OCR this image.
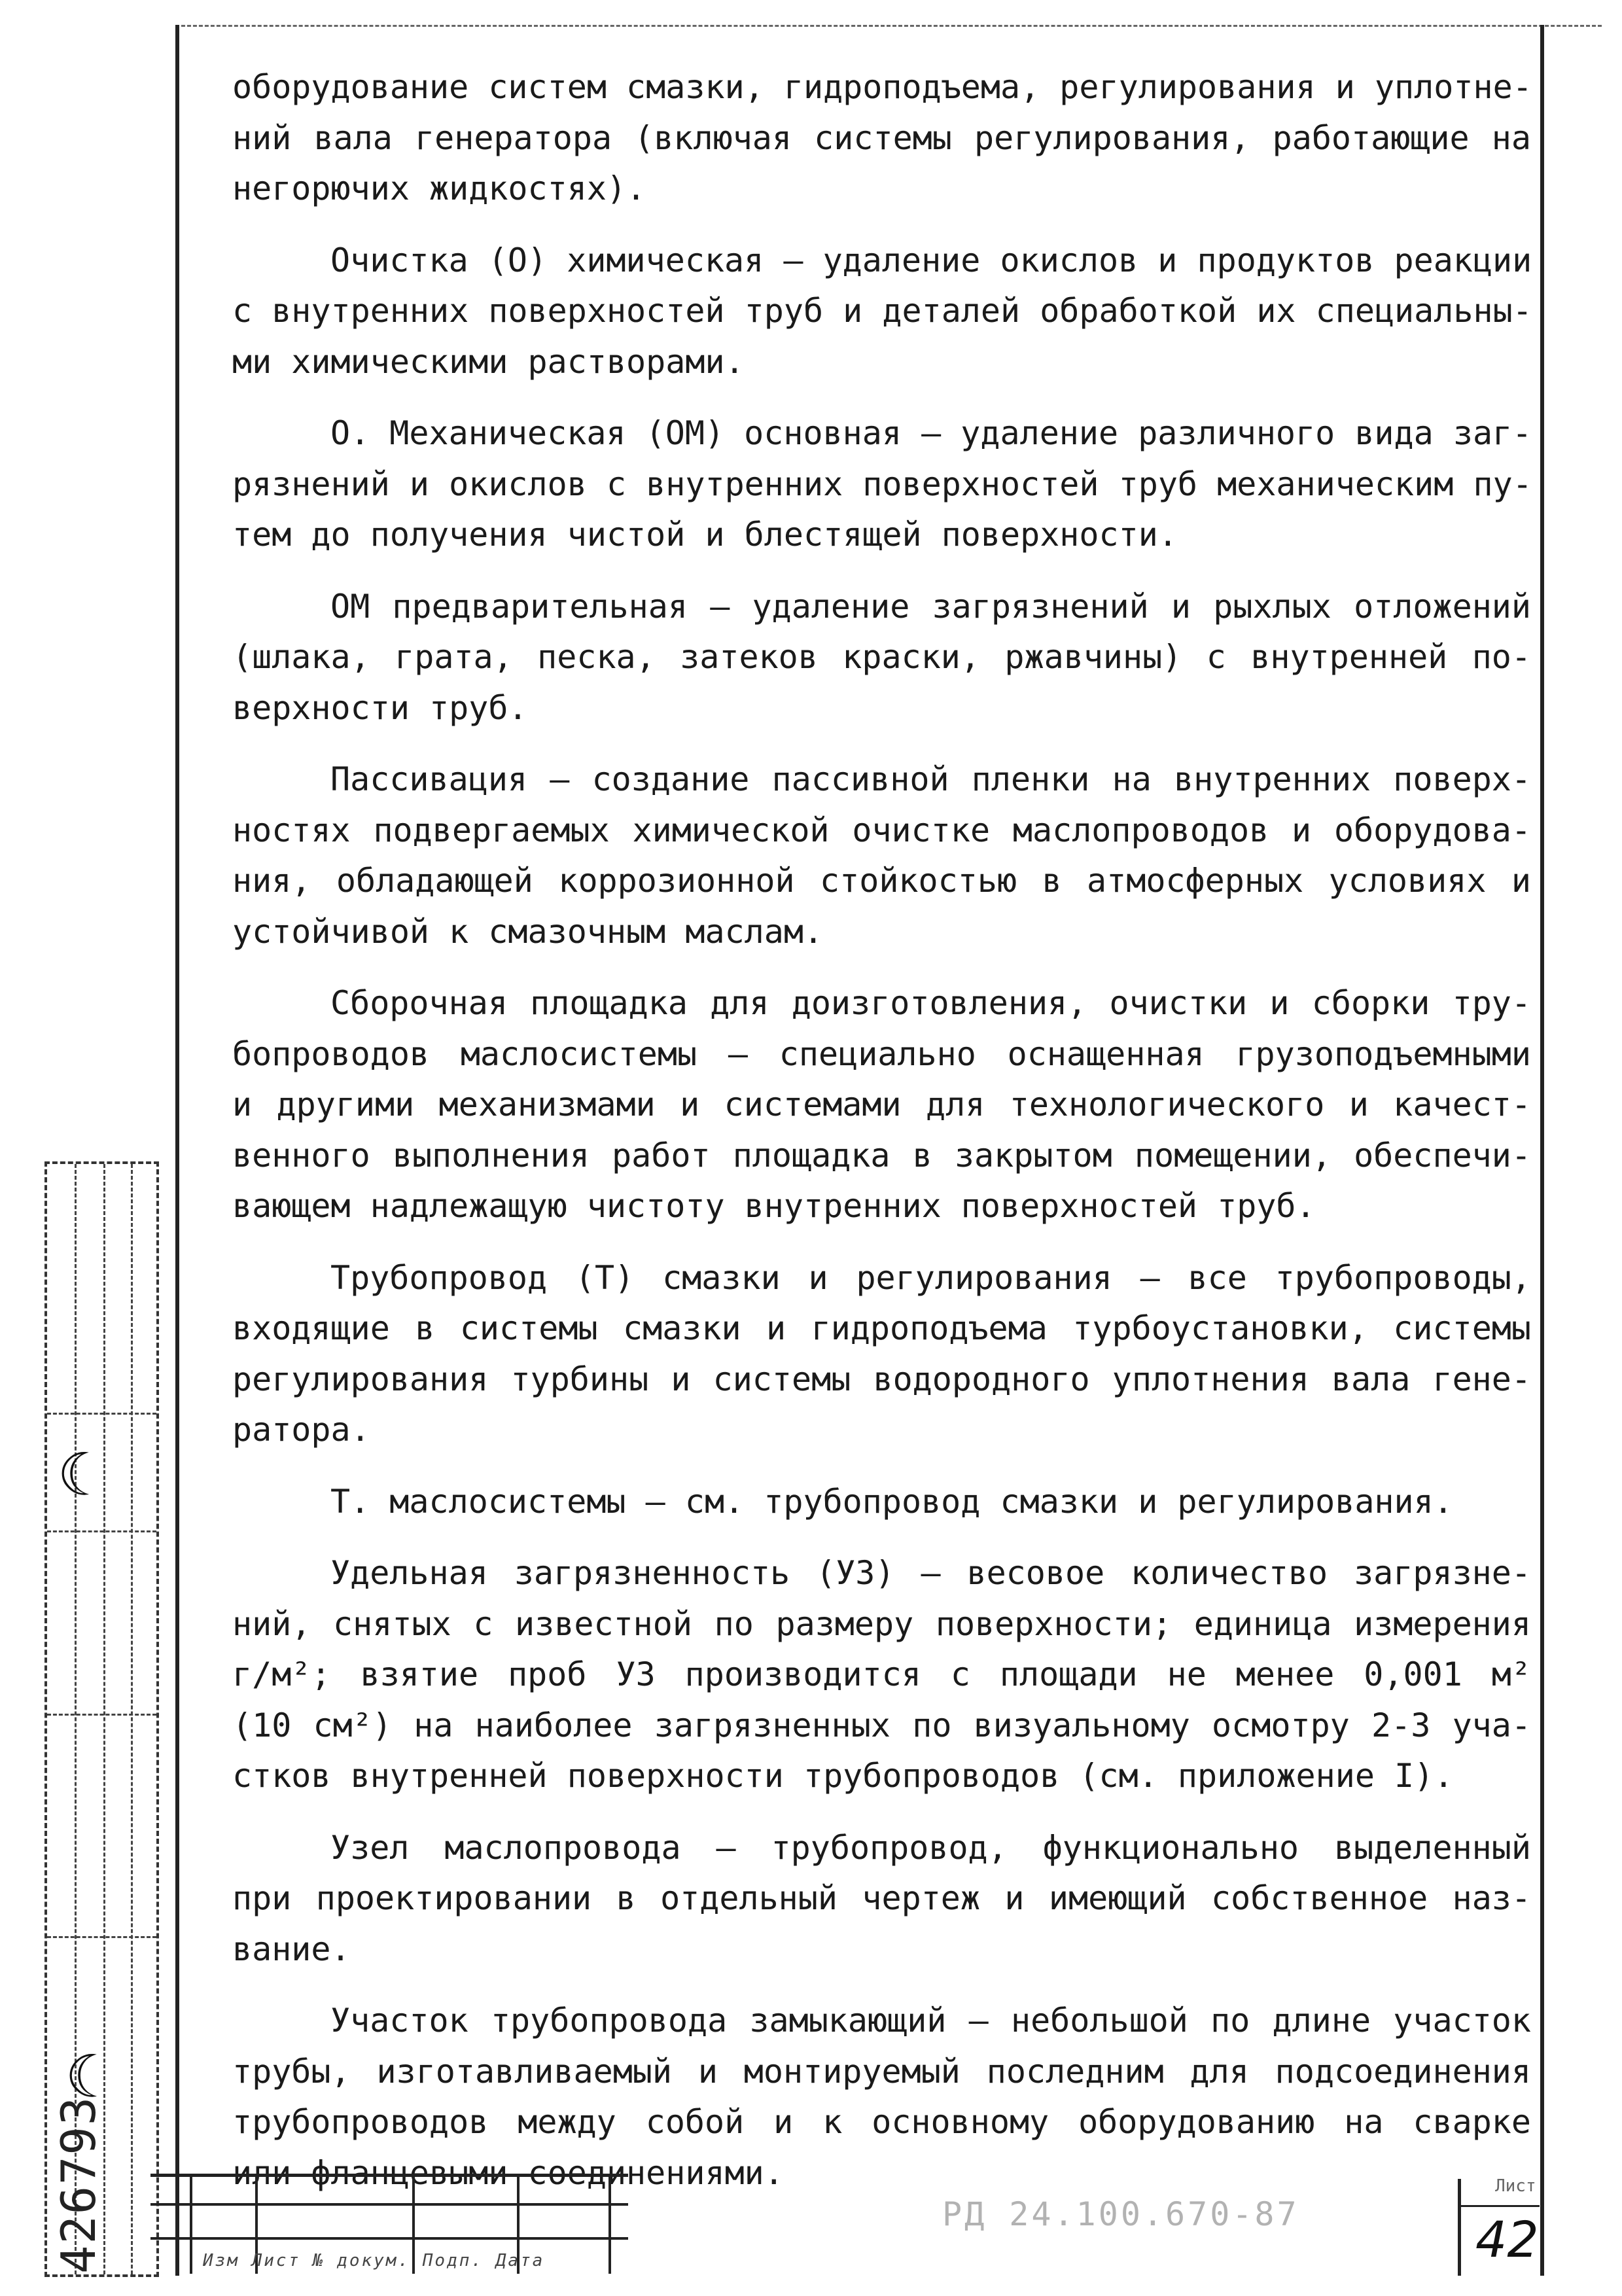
оборудование систем смазки, гидроподъема, регулирования и уплотне-
ний вала генератора (включая системы регулирования, работающие на
негорючих жидкостях).
Очистка (О) химическая – удаление окислов и продуктов реакции
с внутренних поверхностей труб и деталей обработкой их специальны-
ми химическими растворами.
О. Механическая (ОМ) основная – удаление различного вида заг-
рязнений и окислов с внутренних поверхностей труб механическим пу-
тем до получения чистой и блестящей поверхности.
ОМ предварительная – удаление загрязнений и рыхлых отложений
(шлака, грата, песка, затеков краски, ржавчины) с внутренней по-
верхности труб.
Пассивация – создание пассивной пленки на внутренних поверх-
ностях подвергаемых химической очистке маслопроводов и оборудова-
ния, обладающей коррозионной стойкостью в атмосферных условиях и
устойчивой к смазочным маслам.
Сборочная площадка для доизготовления, очистки и сборки тру-
бопроводов маслосистемы – специально оснащенная грузоподъемными
и другими механизмами и системами для технологического и качест-
венного выполнения работ площадка в закрытом помещении, обеспечи-
вающем надлежащую чистоту внутренних поверхностей труб.
Трубопровод (Т) смазки и регулирования – все трубопроводы,
входящие в системы смазки и гидроподъема турбоустановки, системы
регулирования турбины и системы водородного уплотнения вала гене-
ратора.
Т. маслосистемы – см. трубопровод смазки и регулирования.
Удельная загрязненность (УЗ) – весовое количество загрязне-
ний, снятых с известной по размеру поверхности; единица измерения
г/м²; взятие проб УЗ производится с площади не менее 0,001 м²
(10 см²) на наиболее загрязненных по визуальному осмотру 2-3 уча-
стков внутренней поверхности трубопроводов (см. приложение I).
Узел маслопровода – трубопровод, функционально выделенный
при проектировании в отдельный чертеж и имеющий собственное наз-
вание.
Участок трубопровода замыкающий – небольшой по длине участок
трубы, изготавливаемый и монтируемый последним для подсоединения
трубопроводов между собой и к основному оборудованию на сварке
или фланцевыми соединениями.
☾
☾
426793	Изм Лист № докум. Подп. Дата
РД 24.100.670-87
Лист
42
